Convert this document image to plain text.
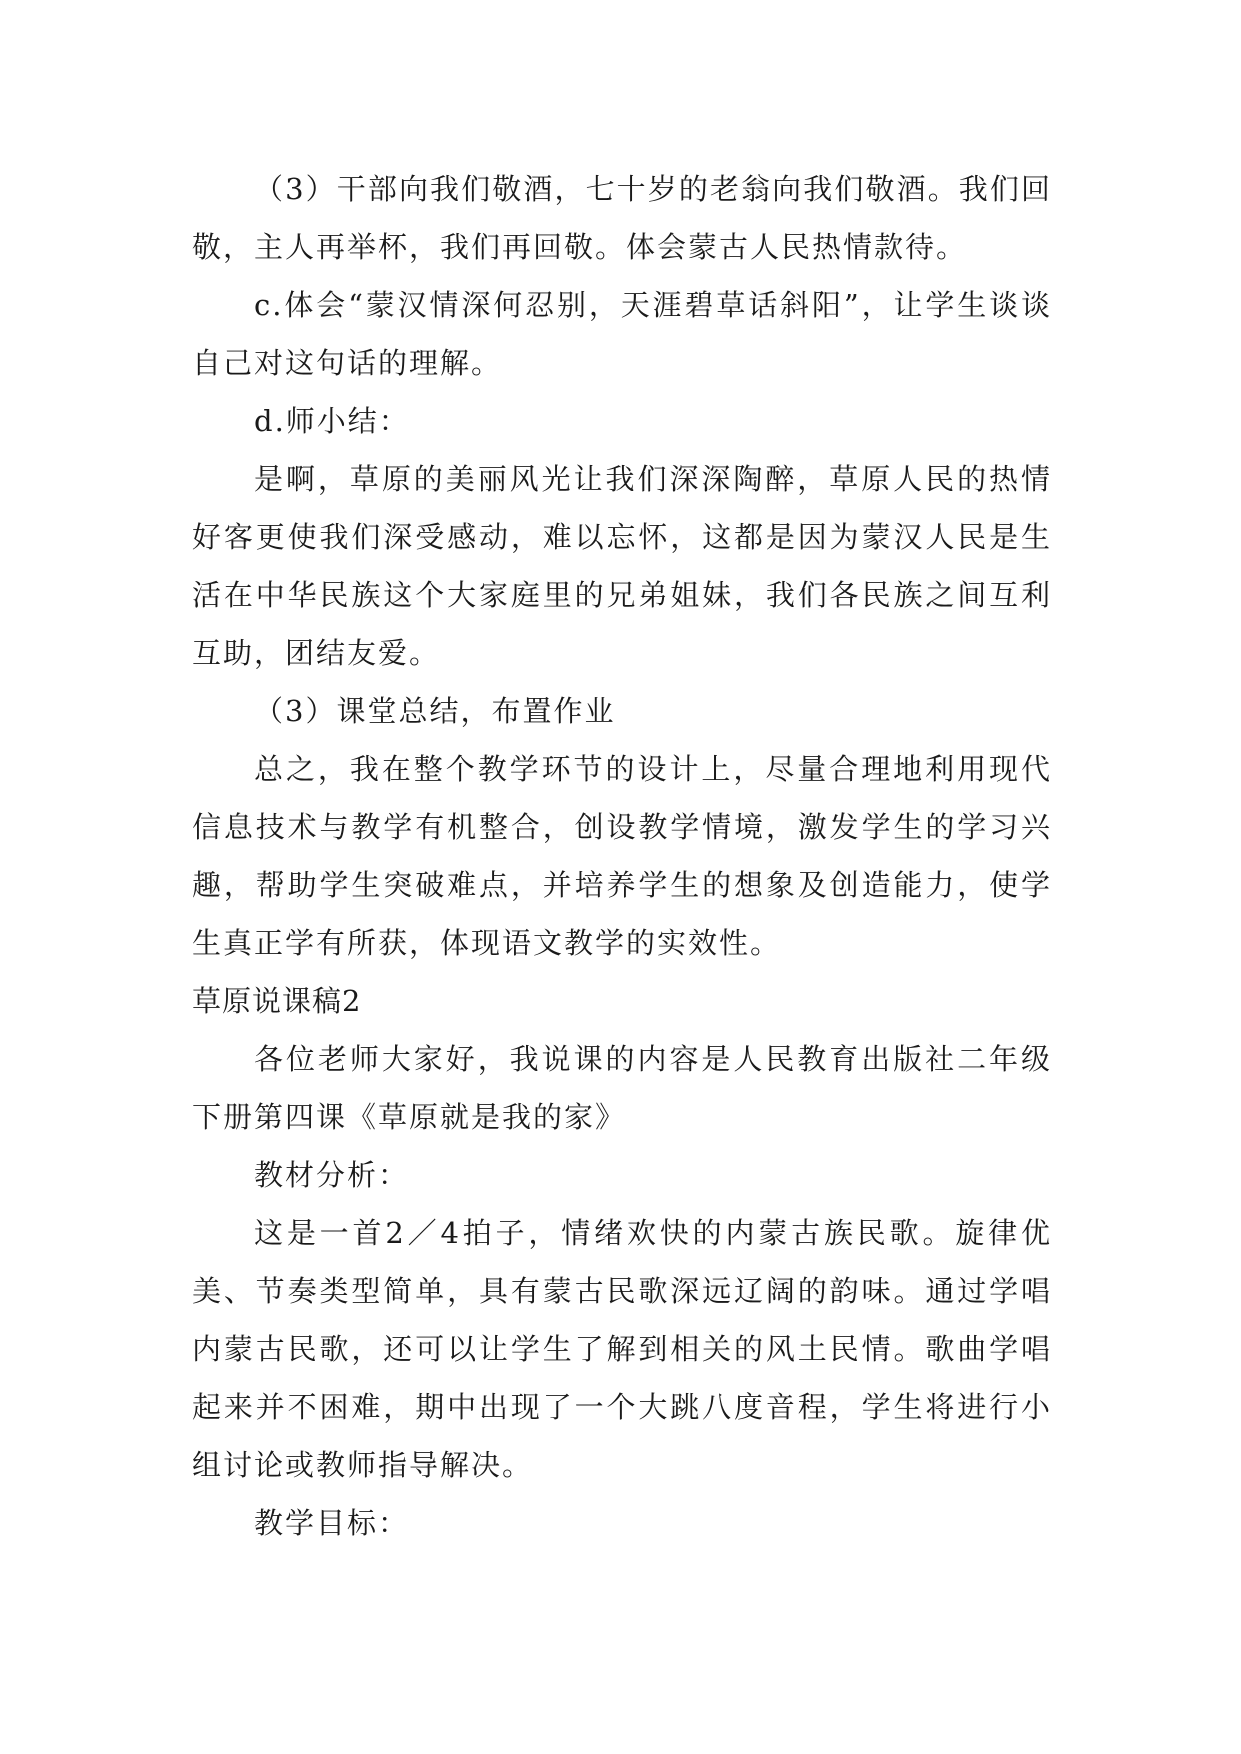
（3）干部向我们敬酒，七十岁的老翁向我们敬酒。我们回敬，主人再举杯，我们再回敬。体会蒙古人民热情款待。

c.体会“蒙汉情深何忍别，天涯碧草话斜阳”，让学生谈谈自己对这句话的理解。

d.师小结：

是啊，草原的美丽风光让我们深深陶醉，草原人民的热情好客更使我们深受感动，难以忘怀，这都是因为蒙汉人民是生活在中华民族这个大家庭里的兄弟姐妹，我们各民族之间互利互助，团结友爱。

（3）课堂总结，布置作业

总之，我在整个教学环节的设计上，尽量合理地利用现代信息技术与教学有机整合，创设教学情境，激发学生的学习兴趣，帮助学生突破难点，并培养学生的想象及创造能力，使学生真正学有所获，体现语文教学的实效性。

草原说课稿2

各位老师大家好，我说课的内容是人民教育出版社二年级下册第四课《草原就是我的家》

教材分析：

这是一首2／4拍子，情绪欢快的内蒙古族民歌。旋律优美、节奏类型简单，具有蒙古民歌深远辽阔的韵味。通过学唱内蒙古民歌，还可以让学生了解到相关的风土民情。歌曲学唱起来并不困难，期中出现了一个大跳八度音程，学生将进行小组讨论或教师指导解决。

教学目标：
